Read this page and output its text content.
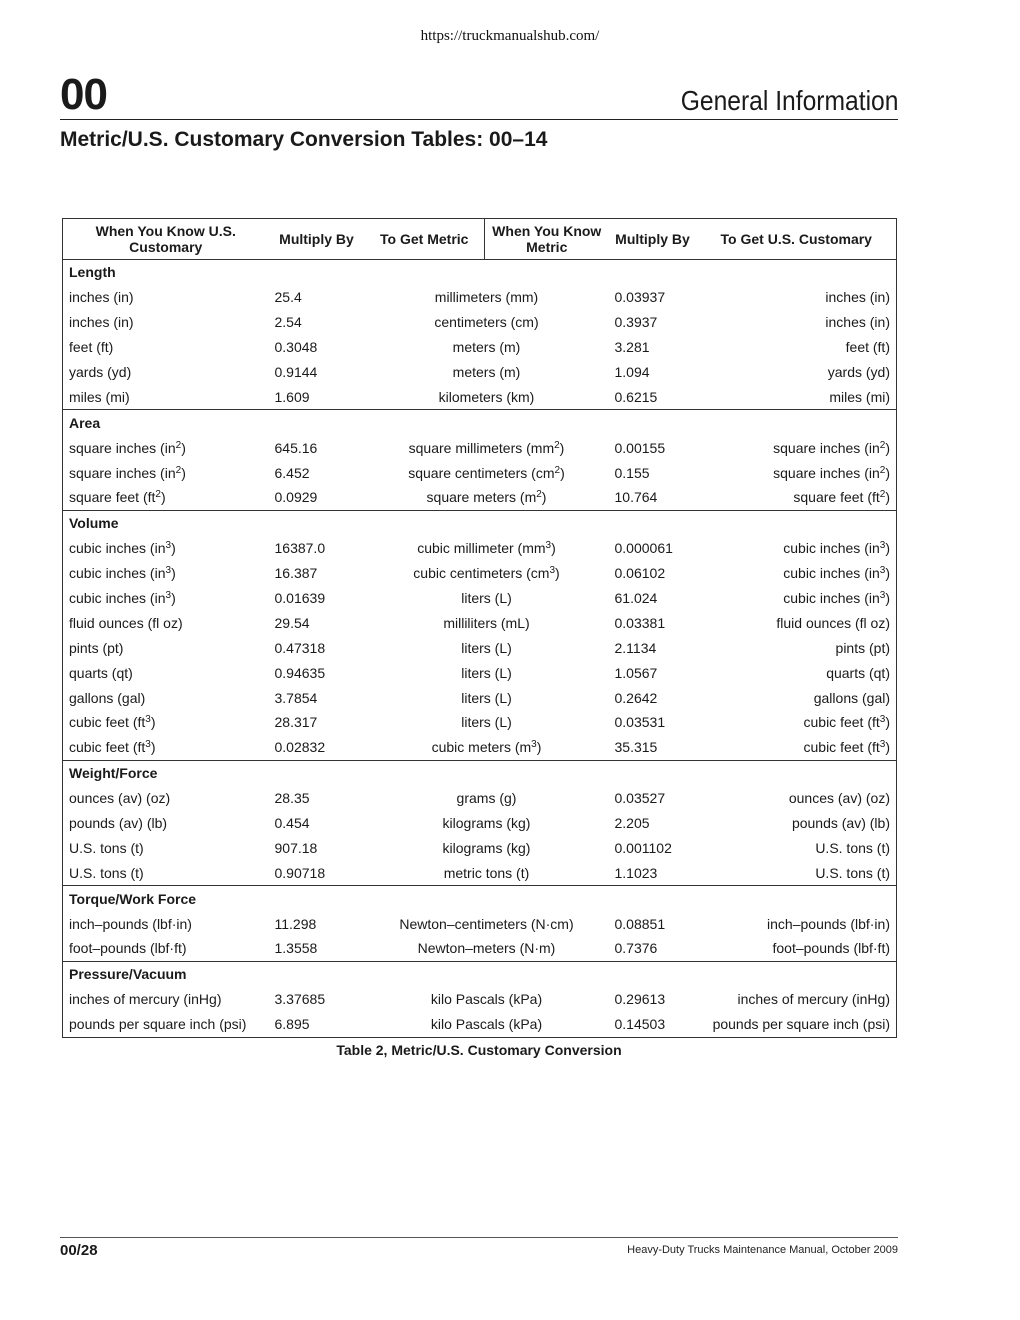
https://truckmanualshub.com/
00	General Information
Metric/U.S. Customary Conversion Tables: 00–14
When You Know U.S. Customary	Multiply By	To Get Metric	When You Know Metric	Multiply By	To Get U.S. Customary
Length					
inches (in)	25.4	millimeters (mm)		0.03937	inches (in)
inches (in)	2.54	centimeters (cm)		0.3937	inches (in)
feet (ft)	0.3048	meters (m)		3.281	feet (ft)
yards (yd)	0.9144	meters (m)		1.094	yards (yd)
miles (mi)	1.609	kilometers (km)		0.6215	miles (mi)
Area					
square inches $(in^2)$	645.16	square millimeters $(mm^2)$		0.00155	square inches $(in^2)$
square inches $(in^2)$	6.452	square centimeters $(cm^2)$		0.155	square inches $(in^2)$
square feet $(ft^2)$	0.0929	square meters $(m^2)$		10.764	square feet $(ft^2)$
Volume					
cubic inches $(in^3)$	16387.0	cubic millimeter $(mm^3)$		0.000061	cubic inches $(in^3)$
cubic inches $(in^3)$	16.387	cubic centimeters $(cm^3)$		0.06102	cubic inches $(in^3)$
cubic inches $(in^3)$	0.01639	liters (L)		61.024	cubic inches $(in^3)$
fluid ounces (fl oz)	29.54	milliliters (mL)		0.03381	fluid ounces (fl oz)
pints (pt)	0.47318	liters (L)		2.1134	pints (pt)
quarts (qt)	0.94635	liters (L)		1.0567	quarts (qt)
gallons (gal)	3.7854	liters (L)		0.2642	gallons (gal)
cubic feet $(ft^3)$	28.317	liters (L)		0.03531	cubic feet $(ft^3)$
cubic feet $(ft^3)$	0.02832	cubic meters $(m^3)$		35.315	cubic feet $(ft^3)$
Weight/Force					
ounces (av) (oz)	28.35	grams (g)		0.03527	ounces (av) (oz)
pounds (av) (lb)	0.454	kilograms (kg)		2.205	pounds (av) (lb)
U.S. tons (t)	907.18	kilograms (kg)		0.001102	U.S. tons (t)
U.S. tons (t)	0.90718	metric tons (t)		1.1023	U.S. tons (t)
Torque/Work Force					
inch–pounds (lbf·in)	11.298	Newton–centimeters (N·cm)		0.08851	inch–pounds (lbf·in)
foot–pounds (lbf·ft)	1.3558	Newton–meters (N·m)		0.7376	foot–pounds (lbf·ft)
Pressure/Vacuum					
inches of mercury (inHg)	3.37685	kilo Pascals (kPa)		0.29613	inches of mercury (inHg)
pounds per square inch (psi)	6.895	kilo Pascals (kPa)		0.14503	pounds per square inch (psi)
Table 2, Metric/U.S. Customary Conversion
00/28	Heavy-Duty Trucks Maintenance Manual, October 2009
